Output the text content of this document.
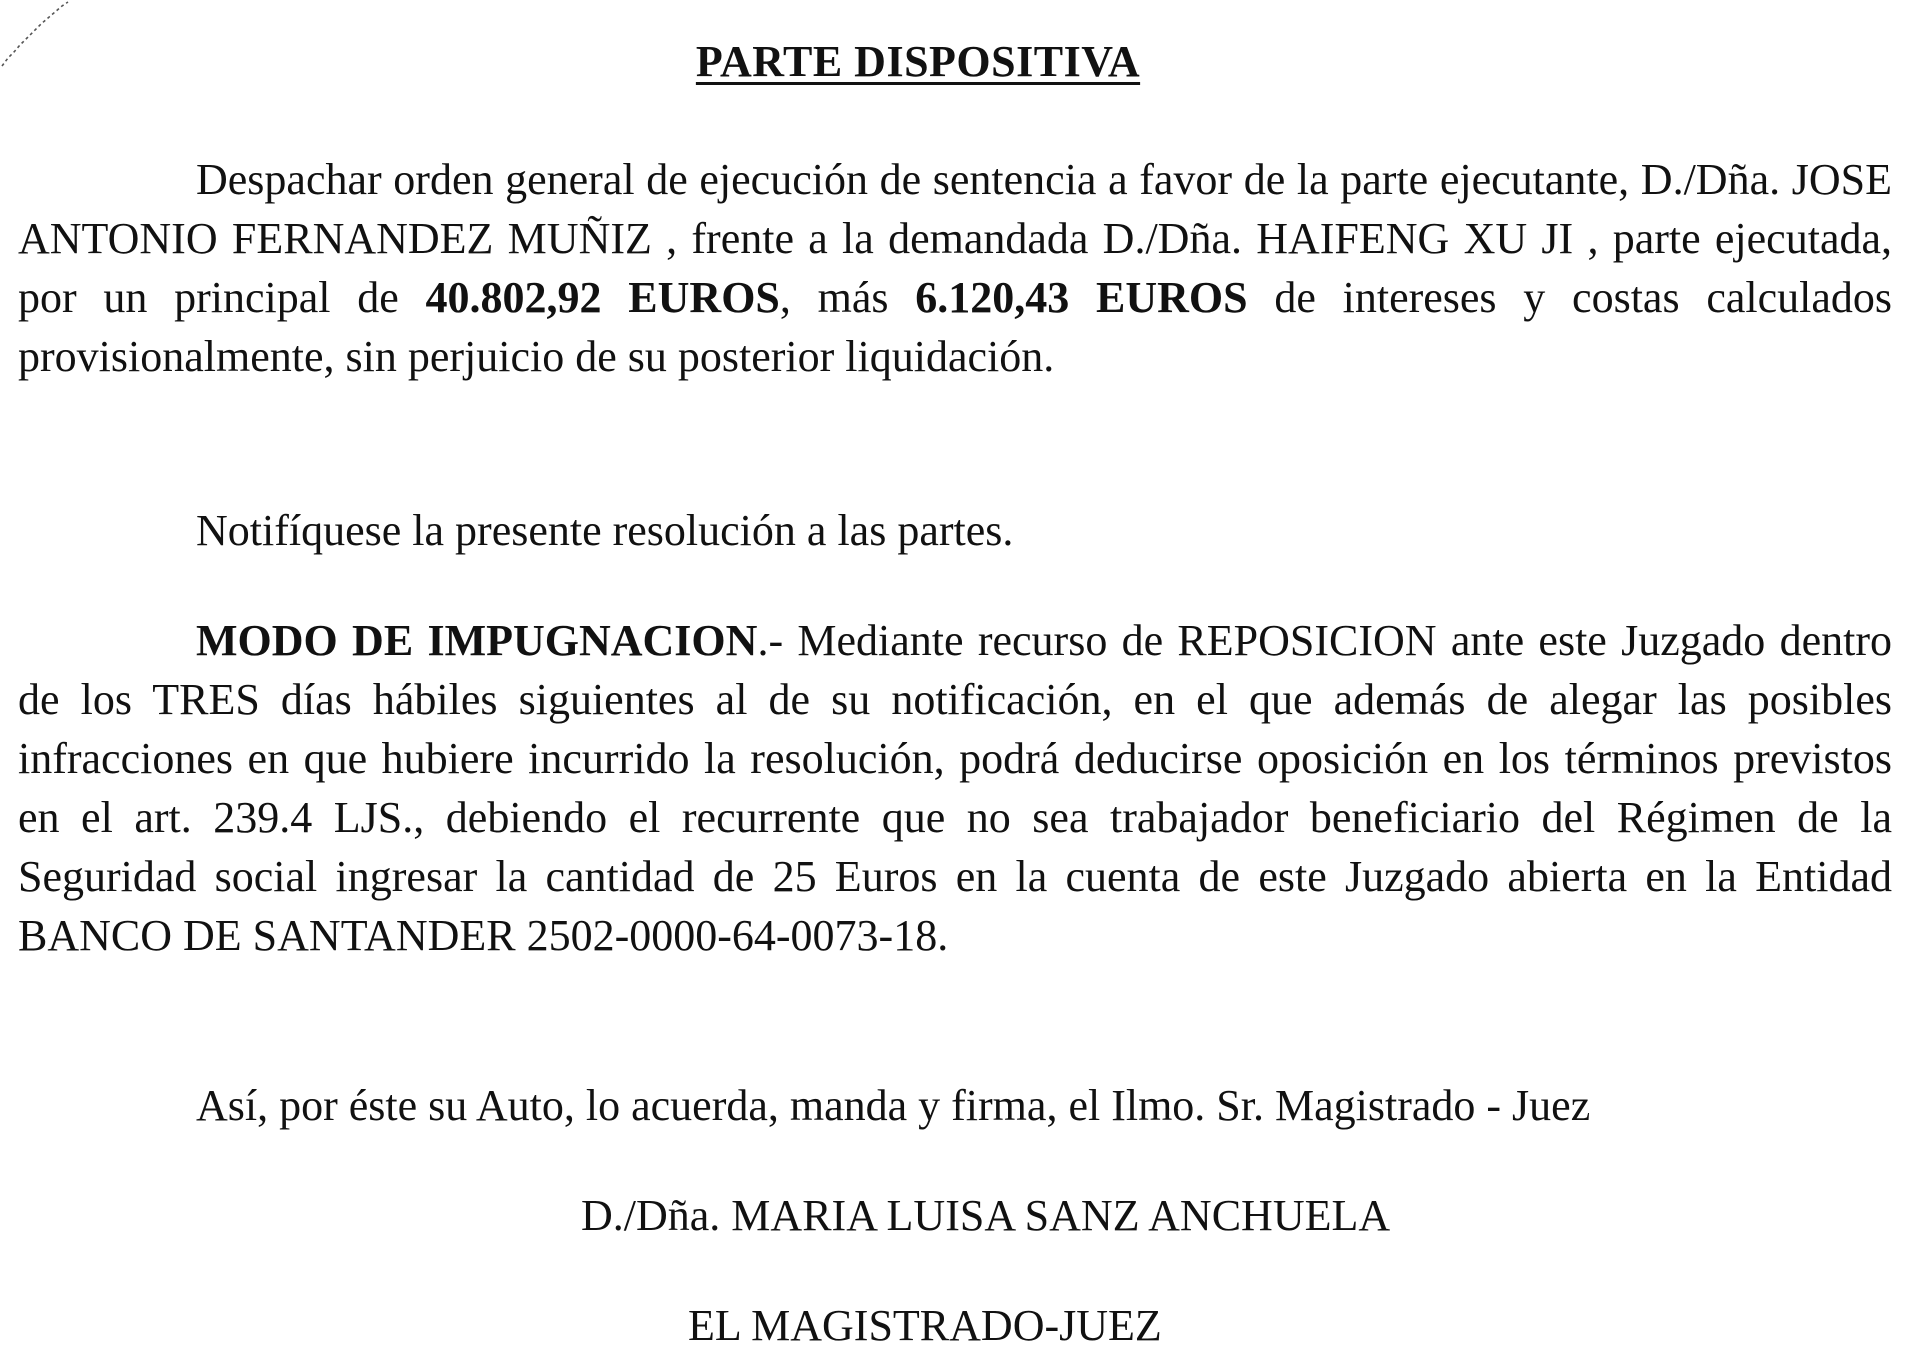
PARTE DISPOSITIVA

Despachar orden general de ejecución de sentencia a favor de la parte ejecutante, D./Dña. JOSE ANTONIO FERNANDEZ MUÑIZ , frente a la demandada D./Dña. HAIFENG XU JI , parte ejecutada, por un principal de 40.802,92 EUROS, más 6.120,43 EUROS de intereses y costas calculados provisionalmente, sin perjuicio de su posterior liquidación.

Notifíquese la presente resolución a las partes.

MODO DE IMPUGNACION.- Mediante recurso de REPOSICION ante este Juzgado dentro de los TRES días hábiles siguientes al de su notificación, en el que además de alegar las posibles infracciones en que hubiere incurrido la resolución, podrá deducirse oposición en los términos previstos en el art. 239.4 LJS., debiendo el recurrente que no sea trabajador beneficiario del Régimen de la Seguridad social ingresar la cantidad de 25 Euros en la cuenta de este Juzgado abierta en la Entidad BANCO DE SANTANDER 2502-0000-64-0073-18.

Así, por éste su Auto, lo acuerda, manda y firma, el Ilmo. Sr. Magistrado - Juez

D./Dña. MARIA LUISA SANZ ANCHUELA
EL MAGISTRADO-JUEZ
